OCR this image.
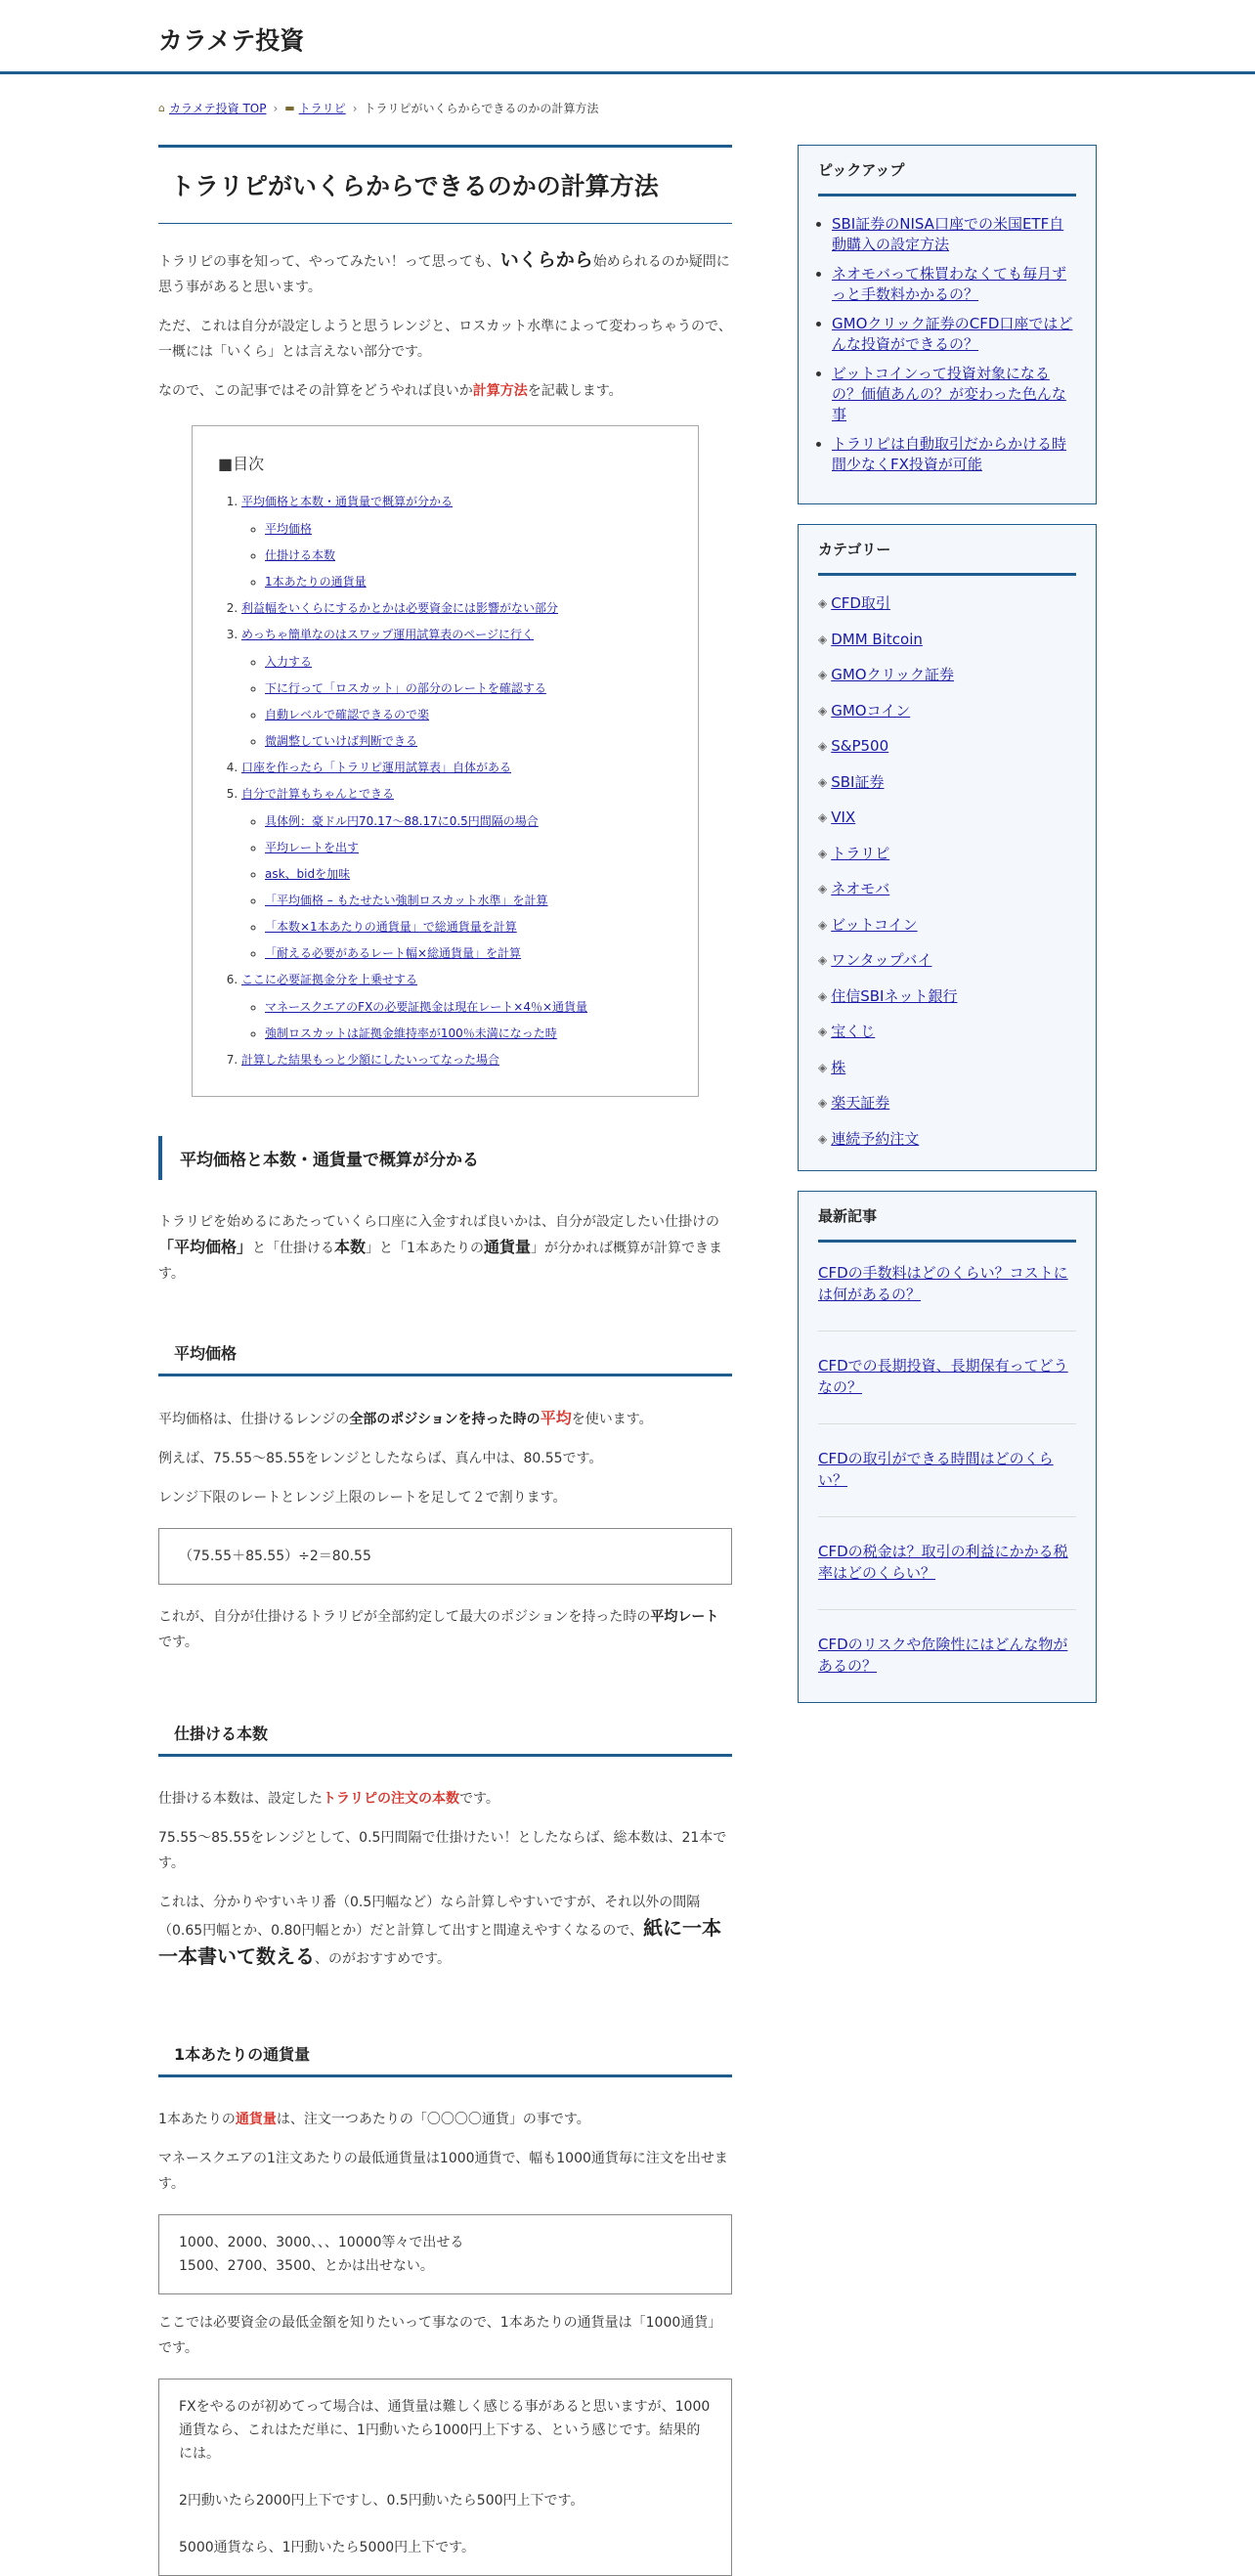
カラメテ投資
⌂ カラメテ投資 TOP › ▬ トラリピ › トラリピがいくらからできるのかの計算方法
トラリピがいくらからできるのかの計算方法

トラリピの事を知って、やってみたい！って思っても、いくらから始められるのか疑問に思う事があると思います。

ただ、これは自分が設定しようと思うレンジと、ロスカット水準によって変わっちゃうので、一概には「いくら」とは言えない部分です。

なので、この記事ではその計算をどうやれば良いか計算方法を記載します。

■目次
1. 平均価格と本数・通貨量で概算が分かる
◦ 平均価格
◦ 仕掛ける本数
◦ 1本あたりの通貨量
2. 利益幅をいくらにするかとかは必要資金には影響がない部分
3. めっちゃ簡単なのはスワップ運用試算表のページに行く
◦ 入力する
◦ 下に行って「ロスカット」の部分のレートを確認する
◦ 自動レベルで確認できるので楽
◦ 微調整していけば判断できる
4. 口座を作ったら「トラリピ運用試算表」自体がある
5. 自分で計算もちゃんとできる
◦ 具体例：豪ドル円70.17～88.17に0.5円間隔の場合
◦ 平均レートを出す
◦ ask、bidを加味
◦ 「平均価格 – もたせたい強制ロスカット水準」を計算
◦ 「本数×1本あたりの通貨量」で総通貨量を計算
◦ 「耐える必要があるレート幅×総通貨量」を計算
6. ここに必要証拠金分を上乗せする
◦ マネースクエアのFXの必要証拠金は現在レート×4％×通貨量
◦ 強制ロスカットは証拠金維持率が100％未満になった時
7. 計算した結果もっと少額にしたいってなった場合
平均価格と本数・通貨量で概算が分かる

トラリピを始めるにあたっていくら口座に入金すれば良いかは、自分が設定したい仕掛けの「平均価格」と「仕掛ける本数」と「1本あたりの通貨量」が分かれば概算が計算できます。

平均価格

平均価格は、仕掛けるレンジの全部のポジションを持った時の平均を使います。

例えば、75.55～85.55をレンジとしたならば、真ん中は、80.55です。

レンジ下限のレートとレンジ上限のレートを足して２で割ります。

（75.55＋85.55）÷2＝80.55

これが、自分が仕掛けるトラリピが全部約定して最大のポジションを持った時の平均レートです。

仕掛ける本数

仕掛ける本数は、設定したトラリピの注文の本数です。

75.55～85.55をレンジとして、0.5円間隔で仕掛けたい！としたならば、総本数は、21本です。

これは、分かりやすいキリ番（0.5円幅など）なら計算しやすいですが、それ以外の間隔（0.65円幅とか、0.80円幅とか）だと計算して出すと間違えやすくなるので、紙に一本一本書いて数える、のがおすすめです。

1本あたりの通貨量

1本あたりの通貨量は、注文一つあたりの「〇〇〇〇通貨」の事です。

マネースクエアの1注文あたりの最低通貨量は1000通貨で、幅も1000通貨毎に注文を出せます。

1000、2000、3000、、、10000等々で出せる
1500、2700、3500、とかは出せない。

ここでは必要資金の最低金額を知りたいって事なので、1本あたりの通貨量は「1000通貨」です。

FXをやるのが初めてって場合は、通貨量は難しく感じる事があると思いますが、1000通貨なら、これはただ単に、1円動いたら1000円上下する、という感じです。結果的には。
2円動いたら2000円上下ですし、0.5円動いたら500円上下です。
5000通貨なら、1円動いたら5000円上下です。
ピックアップ
• SBI証券のNISA口座での米国ETF自動購入の設定方法
• ネオモバって株買わなくても毎月ずっと手数料かかるの？
• GMOクリック証券のCFD口座ではどんな投資ができるの？
• ビットコインって投資対象になるの？価値あんの？が変わった色んな事
• トラリピは自動取引だからかける時間少なくFX投資が可能
カテゴリー
◈ CFD取引
◈ DMM Bitcoin
◈ GMOクリック証券
◈ GMOコイン
◈ S&P500
◈ SBI証券
◈ VIX
◈ トラリピ
◈ ネオモバ
◈ ビットコイン
◈ ワンタップバイ
◈ 住信SBIネット銀行
◈ 宝くじ
◈ 株
◈ 楽天証券
◈ 連続予約注文
最新記事
CFDの手数料はどのくらい？コストには何があるの？
CFDでの長期投資、長期保有ってどうなの？
CFDの取引ができる時間はどのくらい？
CFDの税金は？取引の利益にかかる税率はどのくらい？
CFDのリスクや危険性にはどんな物があるの？
